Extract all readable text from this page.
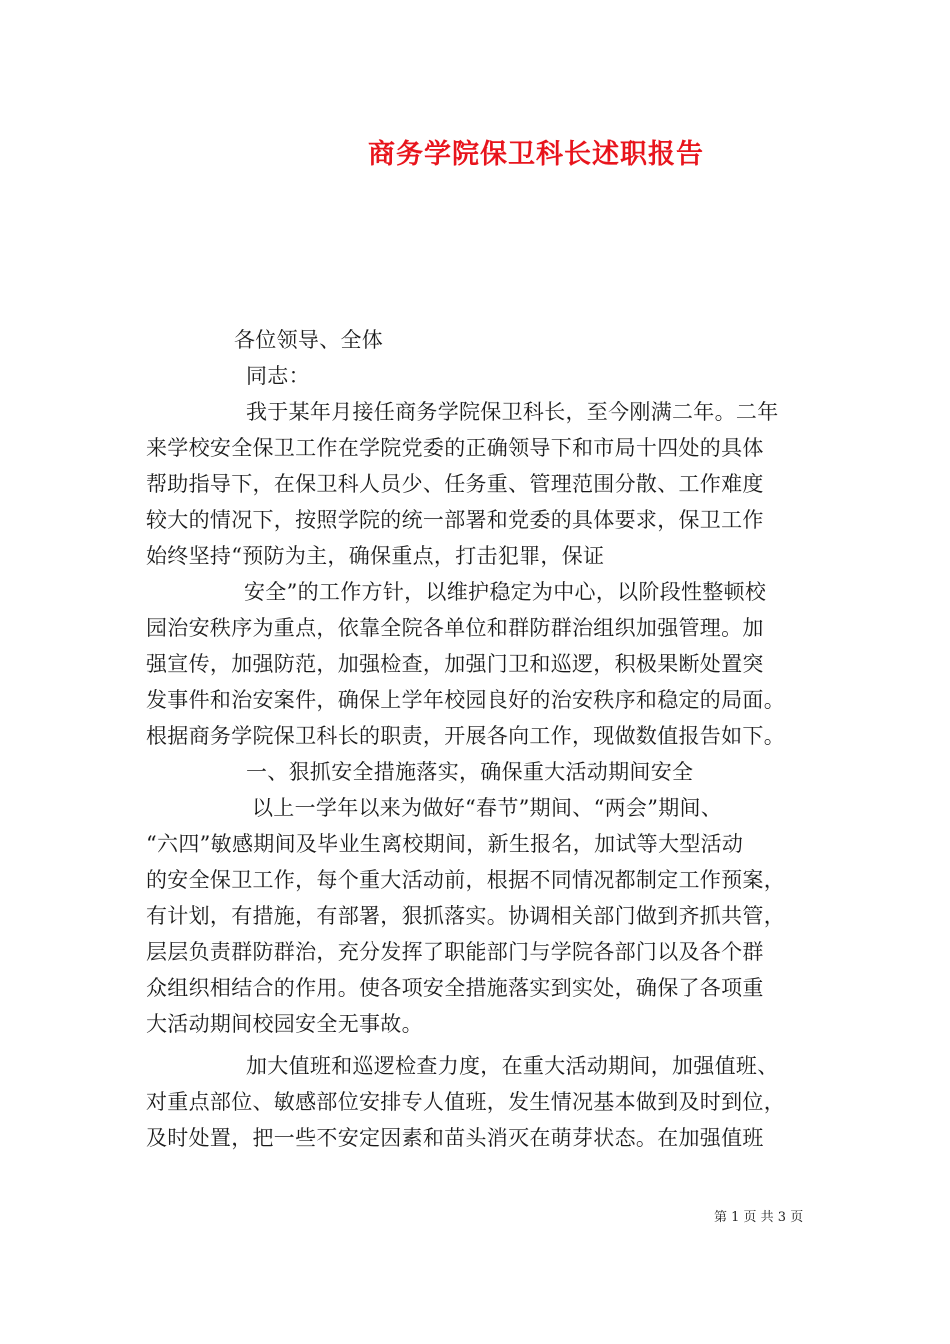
商务学院保卫科长述职报告
各位领导、全体
同志：
我于某年月接任商务学院保卫科长，至今刚满二年。二年
来学校安全保卫工作在学院党委的正确领导下和市局十四处的具体
帮助指导下，在保卫科人员少、任务重、管理范围分散、工作难度
较大的情况下，按照学院的统一部署和党委的具体要求，保卫工作
始终坚持“预防为主，确保重点，打击犯罪，保证
安全”的工作方针，以维护稳定为中心，以阶段性整顿校
园治安秩序为重点，依靠全院各单位和群防群治组织加强管理。加
强宣传，加强防范，加强检查，加强门卫和巡逻，积极果断处置突
发事件和治安案件，确保上学年校园良好的治安秩序和稳定的局面。
根据商务学院保卫科长的职责，开展各向工作，现做数值报告如下。
一、狠抓安全措施落实，确保重大活动期间安全
以上一学年以来为做好“春节”期间、“两会”期间、
“六四”敏感期间及毕业生离校期间，新生报名，加试等大型活动
的安全保卫工作，每个重大活动前，根据不同情况都制定工作预案，
有计划，有措施，有部署，狠抓落实。协调相关部门做到齐抓共管，
层层负责群防群治，充分发挥了职能部门与学院各部门以及各个群
众组织相结合的作用。使各项安全措施落实到实处，确保了各项重
大活动期间校园安全无事故。
加大值班和巡逻检查力度，在重大活动期间，加强值班、
对重点部位、敏感部位安排专人值班，发生情况基本做到及时到位，
及时处置，把一些不安定因素和苗头消灭在萌芽状态。在加强值班
第 1 页 共 3 页
